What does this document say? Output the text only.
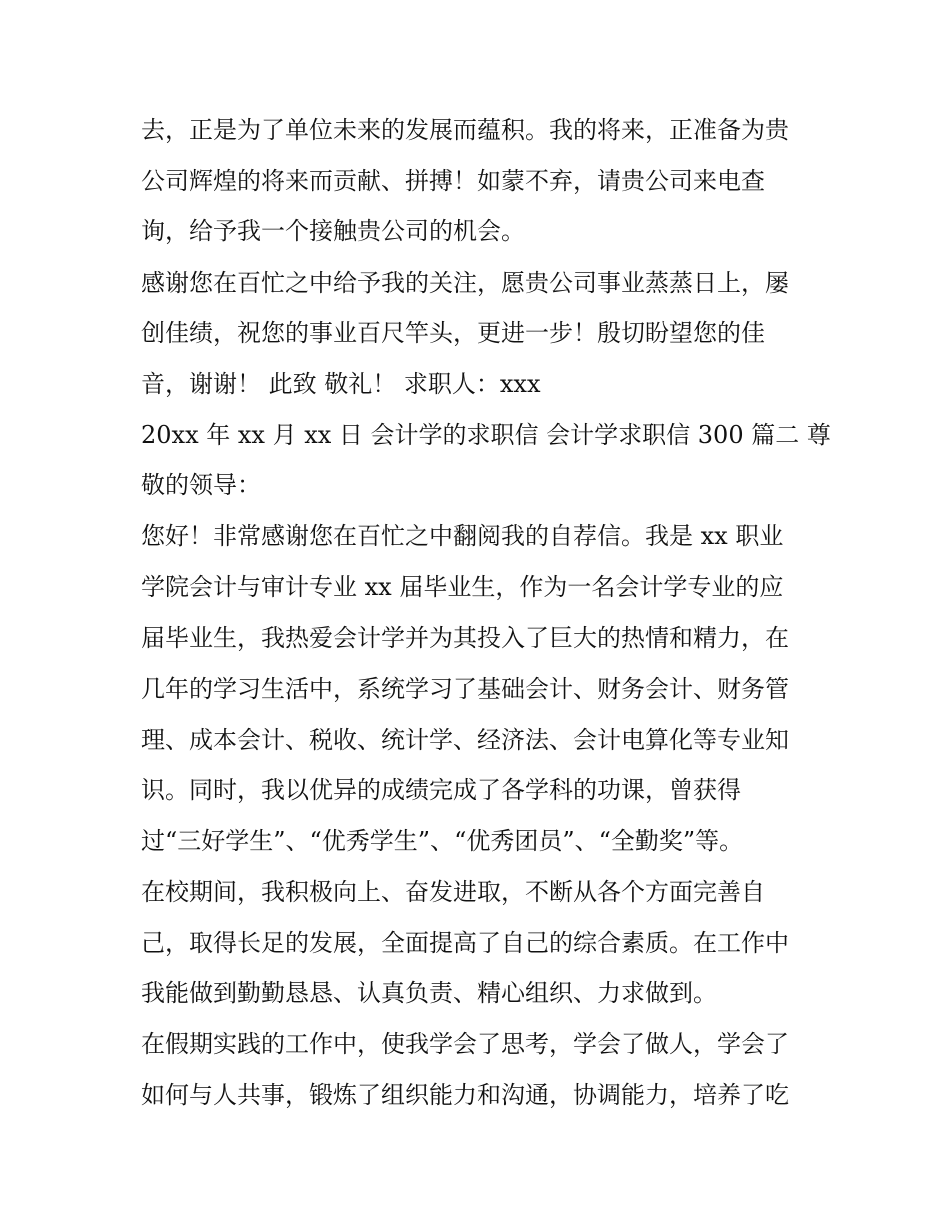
去，正是为了单位未来的发展而蕴积。我的将来，正准备为贵
公司辉煌的将来而贡献、拼搏！如蒙不弃，请贵公司来电查
询，给予我一个接触贵公司的机会。
感谢您在百忙之中给予我的关注，愿贵公司事业蒸蒸日上，屡
创佳绩，祝您的事业百尺竿头，更进一步！殷切盼望您的佳
音，谢谢！ 此致 敬礼！ 求职人：xxx
20xx 年 xx 月 xx 日 会计学的求职信 会计学求职信 300 篇二 尊
敬的领导：
您好！非常感谢您在百忙之中翻阅我的自荐信。我是 xx 职业
学院会计与审计专业 xx 届毕业生，作为一名会计学专业的应
届毕业生，我热爱会计学并为其投入了巨大的热情和精力，在
几年的学习生活中，系统学习了基础会计、财务会计、财务管
理、成本会计、税收、统计学、经济法、会计电算化等专业知
识。同时，我以优异的成绩完成了各学科的功课，曾获得
过“三好学生”、“优秀学生”、“优秀团员”、“全勤奖”等。
在校期间，我积极向上、奋发进取，不断从各个方面完善自
己，取得长足的发展，全面提高了自己的综合素质。在工作中
我能做到勤勤恳恳、认真负责、精心组织、力求做到。
在假期实践的工作中，使我学会了思考，学会了做人，学会了
如何与人共事，锻炼了组织能力和沟通，协调能力，培养了吃
